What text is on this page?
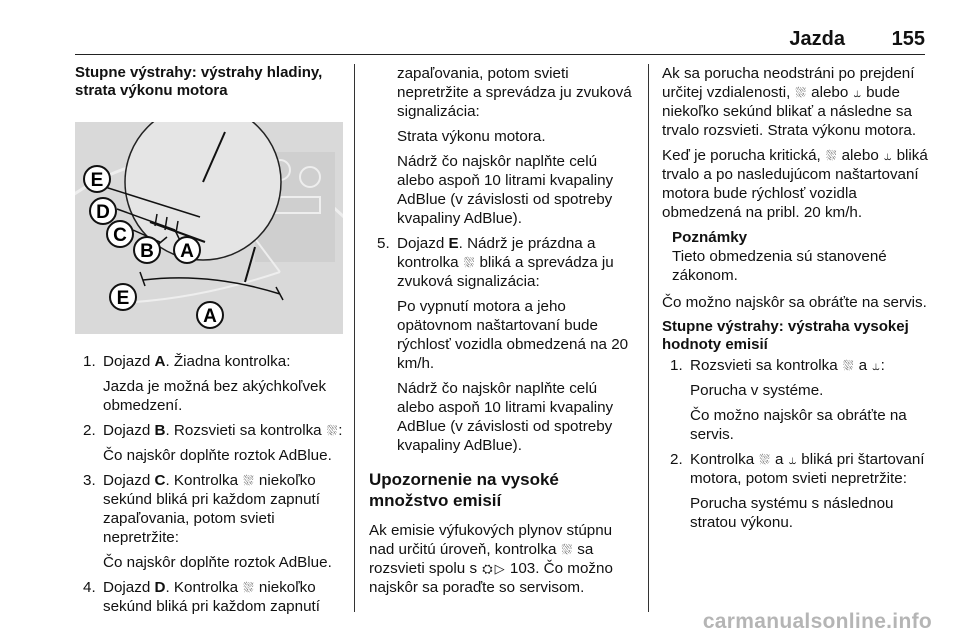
Jazda 155
Stupne výstrahy: výstrahy hladiny, strata výkonu motora
E
D
C
B A
E
A
1. Dojazd A. Žiadna kontrolka:

Jazda je možná bez akýchkoľvek obmedzení.

2. Dojazd B. Rozsvieti sa kontrolka ⛆:

Čo najskôr doplňte roztok AdBlue.

3. Dojazd C. Kontrolka ⛆ niekoľko sekúnd bliká pri každom zapnutí zapaľovania, potom svieti nepretržite:

Čo najskôr doplňte roztok AdBlue.

4. Dojazd D. Kontrolka ⛆ niekoľko sekúnd bliká pri každom zapnutí

zapaľovania, potom svieti nepretržite a sprevádza ju zvuková signalizácia:

Strata výkonu motora.

Nádrž čo najskôr naplňte celú alebo aspoň 10 litrami kvapaliny AdBlue (v závislosti od spotreby kvapaliny AdBlue).

5. Dojazd E. Nádrž je prázdna a kontrolka ⛆ bliká a sprevádza ju zvuková signalizácia:

Po vypnutí motora a jeho opätovnom naštartovaní bude rýchlosť vozidla obmedzená na 20 km/h.

Nádrž čo najskôr naplňte celú alebo aspoň 10 litrami kvapaliny AdBlue (v závislosti od spotreby kvapaliny AdBlue).

Upozornenie na vysoké množstvo emisií

Ak emisie výfukových plynov stúpnu nad určitú úroveň, kontrolka ⛆ sa rozsvieti spolu s ⛭ ▷ 103. Čo možno najskôr sa poraďte so servisom.

Ak sa porucha neodstráni po prejdení určitej vzdialenosti, ⛆ alebo ⥿ bude niekoľko sekúnd blikať a následne sa trvalo rozsvieti. Strata výkonu motora.

Keď je porucha kritická, ⛆ alebo ⥿ bliká trvalo a po nasledujúcom naštartovaní motora bude rýchlosť vozidla obmedzená na pribl. 20 km/h.

Poznámky
Tieto obmedzenia sú stanovené zákonom.

Čo možno najskôr sa obráťte na servis.

Stupne výstrahy: výstraha vysokej hodnoty emisií
1. Rozsvieti sa kontrolka ⛆ a ⥿:

Porucha v systéme.

Čo možno najskôr sa obráťte na servis.

2. Kontrolka ⛆ a ⥿ bliká pri štartovaní motora, potom svieti nepretržite:

Porucha systému s následnou stratou výkonu.

carmanualsonline.info
